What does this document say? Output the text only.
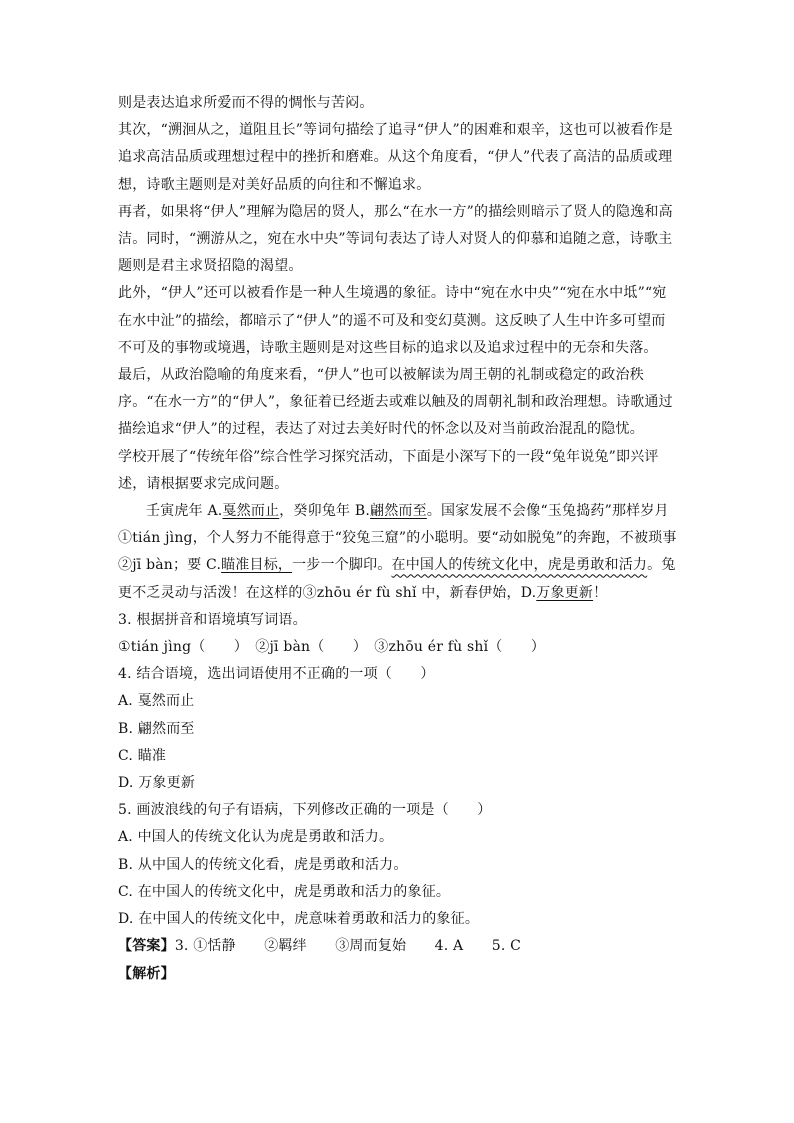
则是表达追求所爱而不得的惆怅与苦闷。

其次，“溯洄从之，道阻且长”等词句描绘了追寻“伊人”的困难和艰辛，这也可以被看作是追求高洁品质或理想过程中的挫折和磨难。从这个角度看，“伊人”代表了高洁的品质或理想，诗歌主题则是对美好品质的向往和不懈追求。

再者，如果将“伊人”理解为隐居的贤人，那么“在水一方”的描绘则暗示了贤人的隐逸和高洁。同时，“溯游从之，宛在水中央”等词句表达了诗人对贤人的仰慕和追随之意，诗歌主题则是君主求贤招隐的渴望。

此外，“伊人”还可以被看作是一种人生境遇的象征。诗中“宛在水中央”“宛在水中坻”“宛在水中沚”的描绘，都暗示了“伊人”的遥不可及和变幻莫测。这反映了人生中许多可望而不可及的事物或境遇，诗歌主题则是对这些目标的追求以及追求过程中的无奈和失落。

最后，从政治隐喻的角度来看，“伊人”也可以被解读为周王朝的礼制或稳定的政治秩序。“在水一方”的“伊人”，象征着已经逝去或难以触及的周朝礼制和政治理想。诗歌通过描绘追求“伊人”的过程，表达了对过去美好时代的怀念以及对当前政治混乱的隐忧。

学校开展了“传统年俗”综合性学习探究活动，下面是小深写下的一段“兔年说兔”即兴评述，请根据要求完成问题。

壬寅虎年 A.戛然而止，癸卯兔年 B.翩然而至。国家发展不会像“玉兔捣药”那样岁月①tián jìng，个人努力不能得意于“狡兔三窟”的小聪明。要“动如脱兔”的奔跑，不被琐事②jī bàn；要 C.瞄准目标，一步一个脚印。在中国人的传统文化中，虎是勇敢和活力。兔更不乏灵动与活泼！在这样的③zhōu ér fù shǐ 中，新春伊始，D.万象更新！

3. 根据拼音和语境填写词语。

①tián jìng（　　）　②jī bàn（　　）　③zhōu ér fù shǐ（　　）

4. 结合语境，选出词语使用不正确的一项（　　）

A. 戛然而止

B. 翩然而至

C. 瞄准

D. 万象更新

5. 画波浪线的句子有语病，下列修改正确的一项是（　　）

A. 中国人的传统文化认为虎是勇敢和活力。

B. 从中国人的传统文化看，虎是勇敢和活力。

C. 在中国人的传统文化中，虎是勇敢和活力的象征。

D. 在中国人的传统文化中，虎意味着勇敢和活力的象征。

【答案】3. ①恬静　　②羁绊　　③周而复始　　4. A　　5. C

【解析】
